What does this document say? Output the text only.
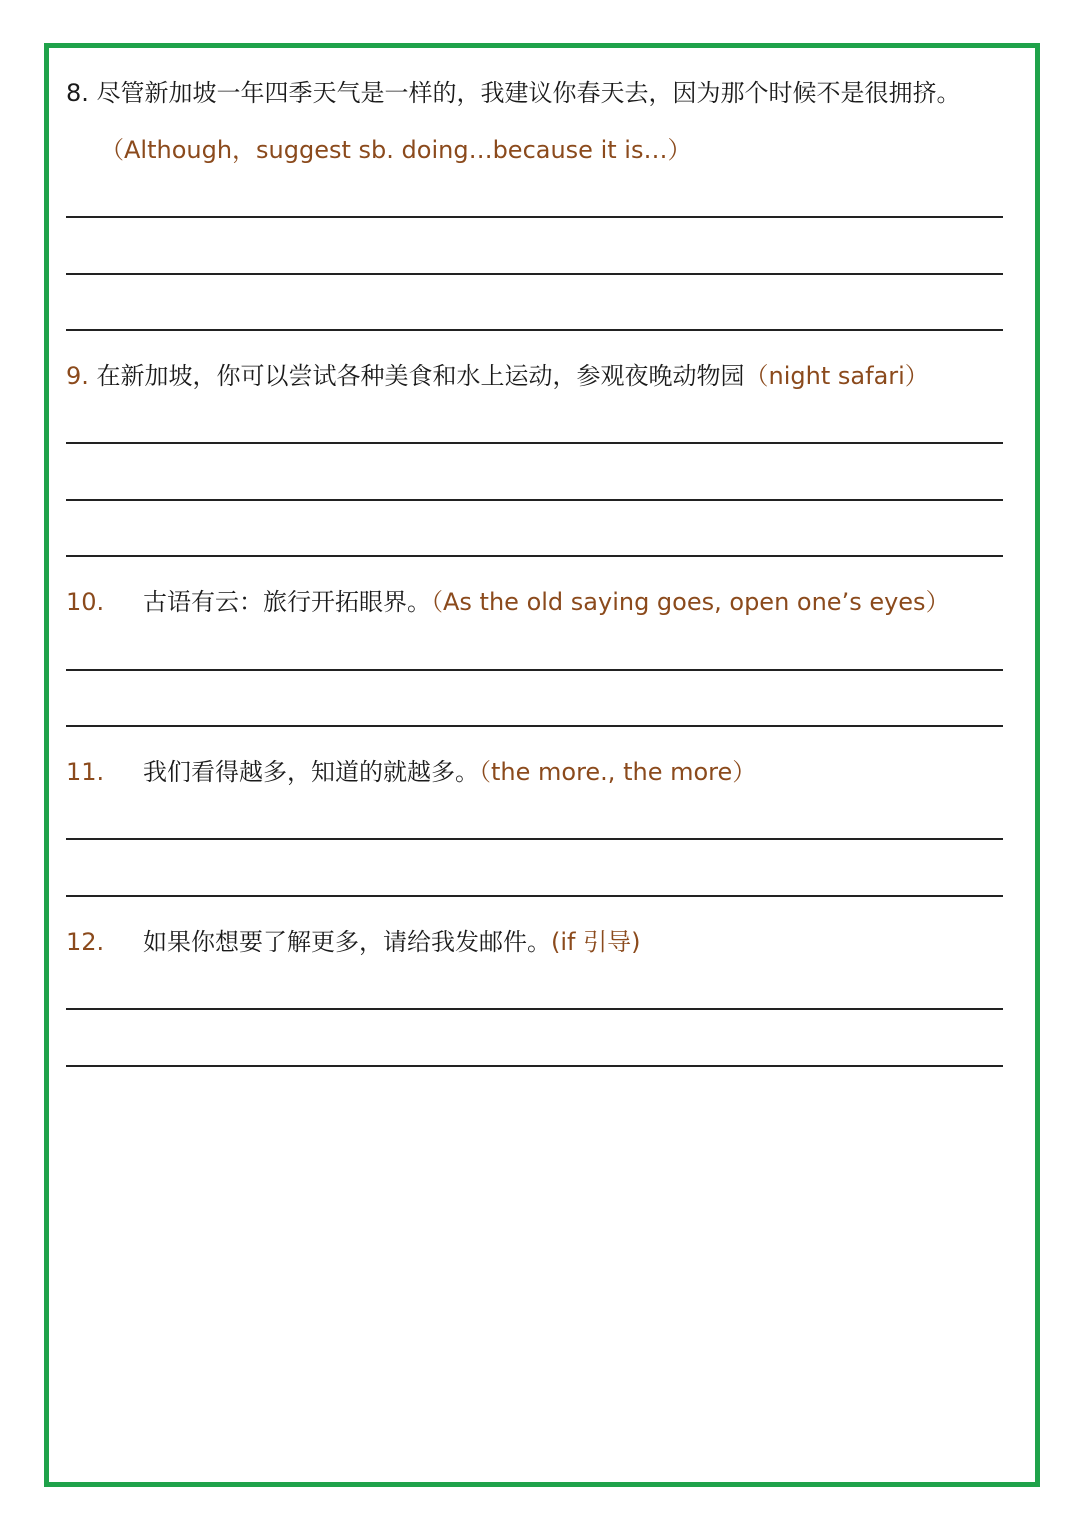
8. 尽管新加坡一年四季天气是一样的，我建议你春天去，因为那个时候不是很拥挤。
（Although，suggest sb. doing…because it is…）
9. 在新加坡，你可以尝试各种美食和水上运动，参观夜晚动物园（night safari）
10. 古语有云：旅行开拓眼界。（As the old saying goes, open one’s eyes）
11. 我们看得越多，知道的就越多。（the more., the more）
12. 如果你想要了解更多，请给我发邮件。(if 引导)
